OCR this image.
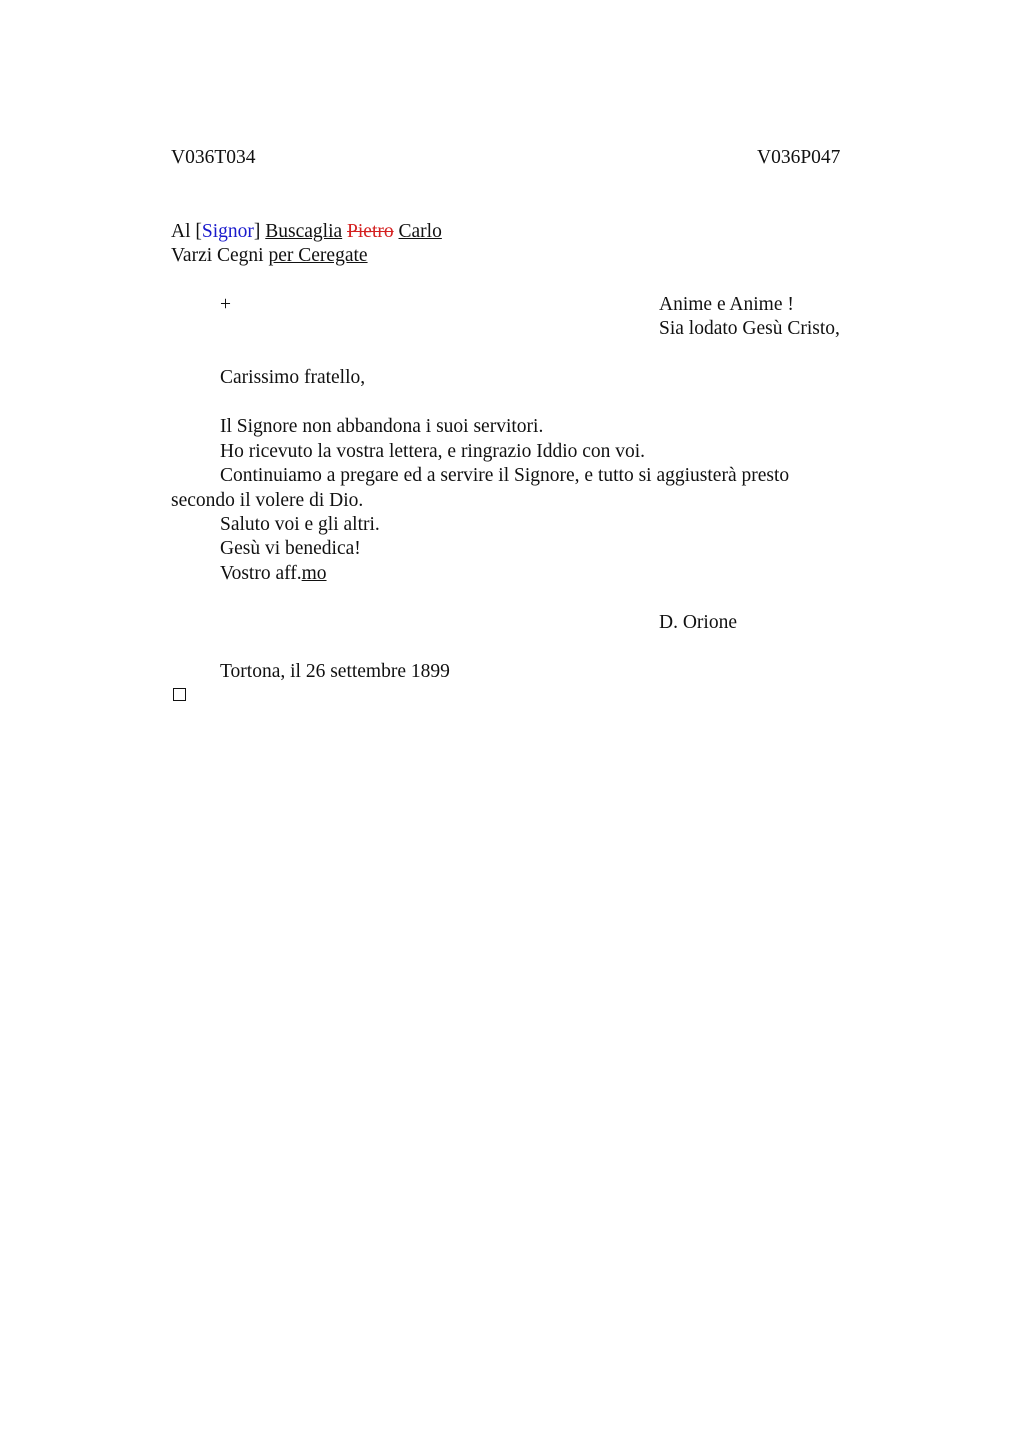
V036T034	V036P047
Al [Signor] Buscaglia Pietro Carlo
Varzi Cegni per Ceregate
+	Anime e Anime !
Sia lodato Gesù Cristo,
Carissimo fratello,
Il Signore non abbandona i suoi servitori.
Ho ricevuto la vostra lettera, e ringrazio Iddio con voi.
Continuiamo a pregare ed a servire il Signore, e tutto si aggiusterà presto secondo il volere di Dio.
Saluto voi e gli altri.
Gesù vi benedica!
Vostro aff.mo
D. Orione
Tortona, il 26 settembre 1899
